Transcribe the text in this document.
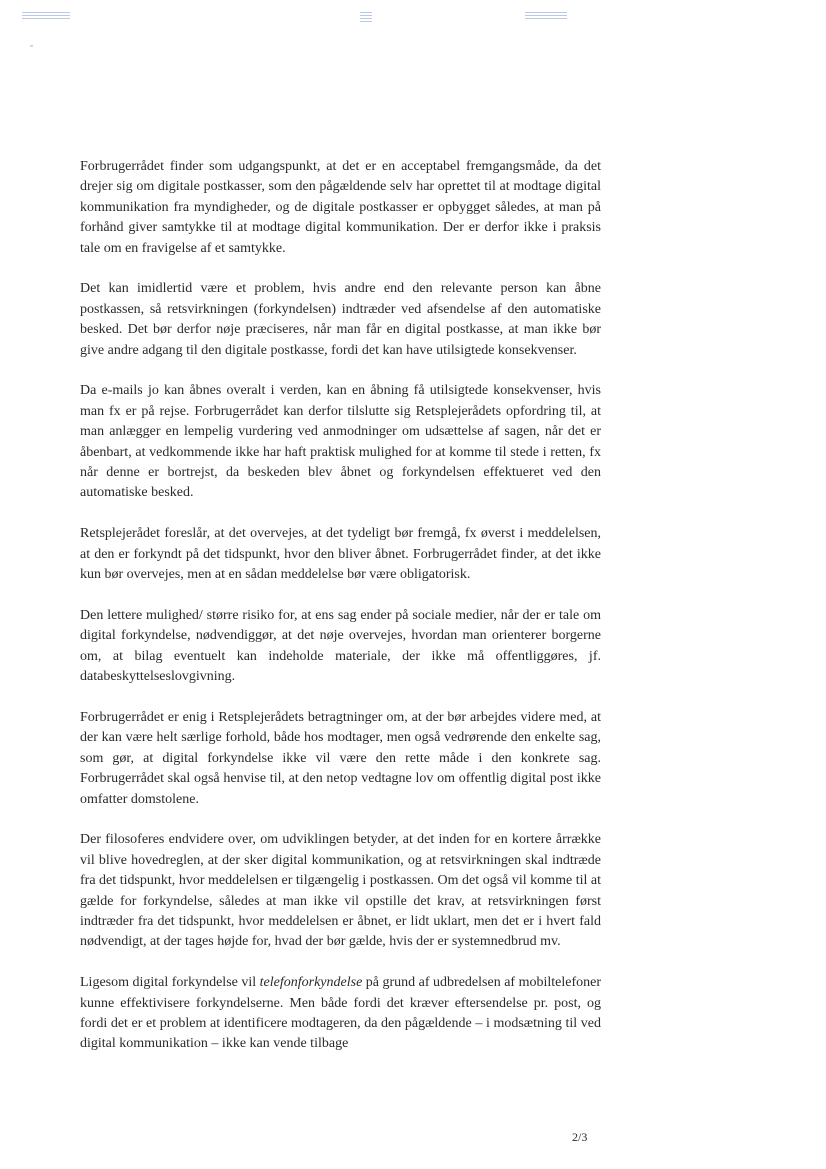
Forbrugerrådet finder som udgangspunkt, at det er en acceptabel fremgangsmåde, da det drejer sig om digitale postkasser, som den pågældende selv har oprettet til at modtage digital kommunikation fra myndigheder, og de digitale postkasser er opbygget således, at man på forhånd giver samtykke til at modtage digital kommunikation. Der er derfor ikke i praksis tale om en fravigelse af et samtykke.

Det kan imidlertid være et problem, hvis andre end den relevante person kan åbne postkassen, så retsvirkningen (forkyndelsen) indtræder ved afsendelse af den automatiske besked. Det bør derfor nøje præciseres, når man får en digital postkasse, at man ikke bør give andre adgang til den digitale postkasse, fordi det kan have utilsigtede konsekvenser.

Da e-mails jo kan åbnes overalt i verden, kan en åbning få utilsigtede konsekvenser, hvis man fx er på rejse. Forbrugerrådet kan derfor tilslutte sig Retsplejerådets opfordring til, at man anlægger en lempelig vurdering ved anmodninger om udsættelse af sagen, når det er åbenbart, at vedkommende ikke har haft praktisk mulighed for at komme til stede i retten, fx når denne er bortrejst, da beskeden blev åbnet og forkyndelsen effektueret ved den automatiske besked.

Retsplejerådet foreslår, at det overvejes, at det tydeligt bør fremgå, fx øverst i meddelelsen, at den er forkyndt på det tidspunkt, hvor den bliver åbnet. Forbrugerrådet finder, at det ikke kun bør overvejes, men at en sådan meddelelse bør være obligatorisk.

Den lettere mulighed/ større risiko for, at ens sag ender på sociale medier, når der er tale om digital forkyndelse, nødvendiggør, at det nøje overvejes, hvordan man orienterer borgerne om, at bilag eventuelt kan indeholde materiale, der ikke må offentliggøres, jf. databeskyttelseslovgivning.

Forbrugerrådet er enig i Retsplejerådets betragtninger om, at der bør arbejdes videre med, at der kan være helt særlige forhold, både hos modtager, men også vedrørende den enkelte sag, som gør, at digital forkyndelse ikke vil være den rette måde i den konkrete sag. Forbrugerrådet skal også henvise til, at den netop vedtagne lov om offentlig digital post ikke omfatter domstolene.

Der filosoferes endvidere over, om udviklingen betyder, at det inden for en kortere årrække vil blive hovedreglen, at der sker digital kommunikation, og at retsvirkningen skal indtræde fra det tidspunkt, hvor meddelelsen er tilgængelig i postkassen. Om det også vil komme til at gælde for forkyndelse, således at man ikke vil opstille det krav, at retsvirkningen først indtræder fra det tidspunkt, hvor meddelelsen er åbnet, er lidt uklart, men det er i hvert fald nødvendigt, at der tages højde for, hvad der bør gælde, hvis der er systemnedbrud mv.

Ligesom digital forkyndelse vil telefonforkyndelse på grund af udbredelsen af mobiltelefoner kunne effektivisere forkyndelserne. Men både fordi det kræver eftersendelse pr. post, og fordi det er et problem at identificere modtageren, da den pågældende – i modsætning til ved digital kommunikation – ikke kan vende tilbage

2/3
